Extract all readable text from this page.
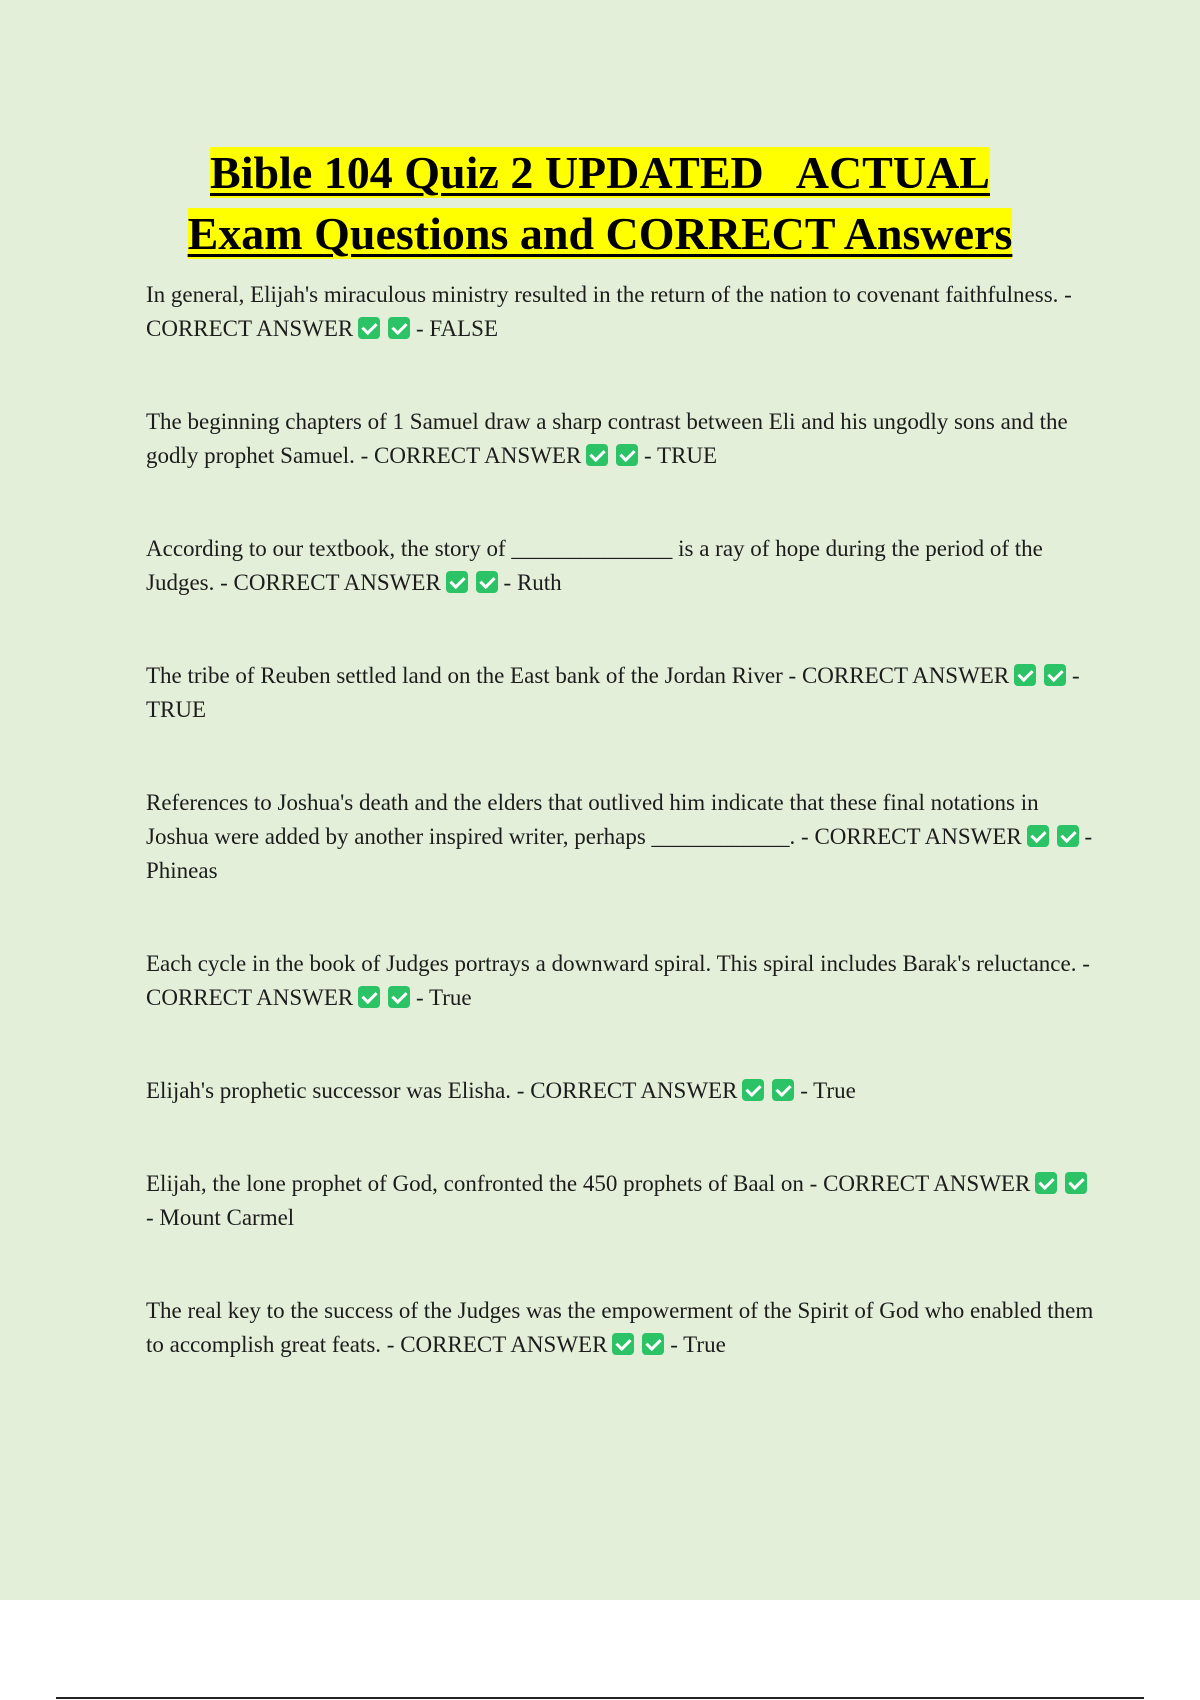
Bible 104 Quiz 2 UPDATED   ACTUAL
Exam Questions and CORRECT Answers
In general, Elijah's miraculous ministry resulted in the return of the nation to covenant faithfulness. - CORRECT ANSWER - FALSE
The beginning chapters of 1 Samuel draw a sharp contrast between Eli and his ungodly sons and the godly prophet Samuel. - CORRECT ANSWER - TRUE
According to our textbook, the story of ______________ is a ray of hope during the period of the Judges. - CORRECT ANSWER - Ruth
The tribe of Reuben settled land on the East bank of the Jordan River - CORRECT ANSWER - TRUE
References to Joshua's death and the elders that outlived him indicate that these final notations in Joshua were added by another inspired writer, perhaps ____________. - CORRECT ANSWER - Phineas
Each cycle in the book of Judges portrays a downward spiral. This spiral includes Barak's reluctance. - CORRECT ANSWER - True
Elijah's prophetic successor was Elisha. - CORRECT ANSWER - True
Elijah, the lone prophet of God, confronted the 450 prophets of Baal on - CORRECT ANSWER - Mount Carmel
The real key to the success of the Judges was the empowerment of the Spirit of God who enabled them to accomplish great feats. - CORRECT ANSWER - True
